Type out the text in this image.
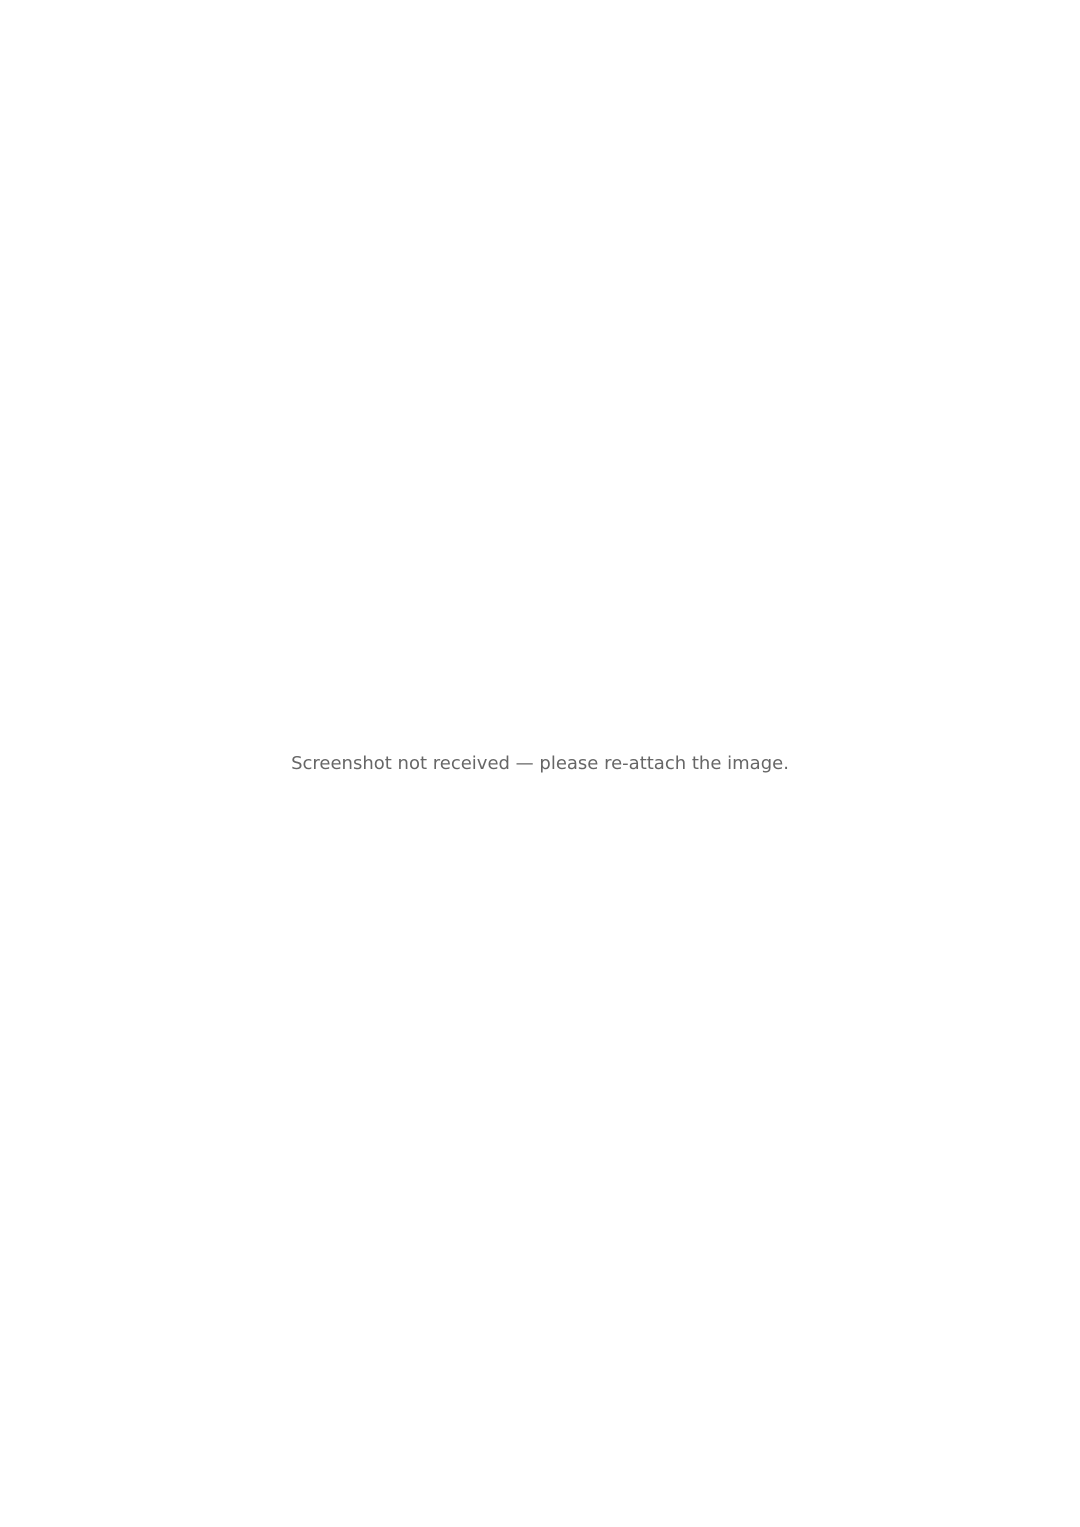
Screenshot not received — please re-attach the image.
